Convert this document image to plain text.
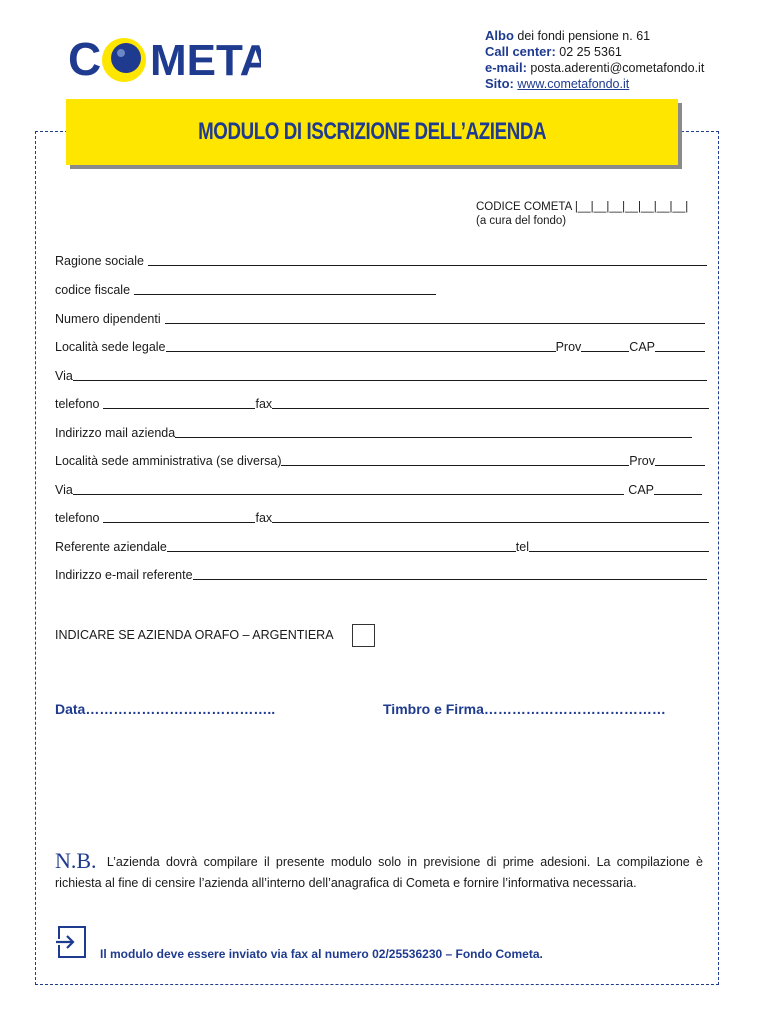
C META
Albo dei fondi pensione n. 61
Call center: 02 25 5361
e-mail: posta.aderenti@cometafondo.it
Sito: www.cometafondo.it
MODULO DI ISCRIZIONE DELL’AZIENDA
CODICE COMETA |__|__|__|__|__|__|__|
(a cura del fondo)
Ragione sociale
codice fiscale
Numero dipendenti
Località sede legale	Prov	CAP
Via
telefono	fax
Indirizzo mail azienda
Località sede amministrativa (se diversa)	Prov
Via	CAP
telefono	fax
Referente aziendale	tel
Indirizzo e-mail referente
INDICARE SE AZIENDA ORAFO – ARGENTIERA
Data…………………………………..	Timbro e Firma…………………………………
N.B. L’azienda dovrà compilare il presente modulo solo in previsione di prime adesioni. La compilazione è richiesta al fine di censire l’azienda all’interno dell’anagrafica di Cometa e fornire l’informativa necessaria.
Il modulo deve essere inviato via fax al numero 02/25536230 – Fondo Cometa.
